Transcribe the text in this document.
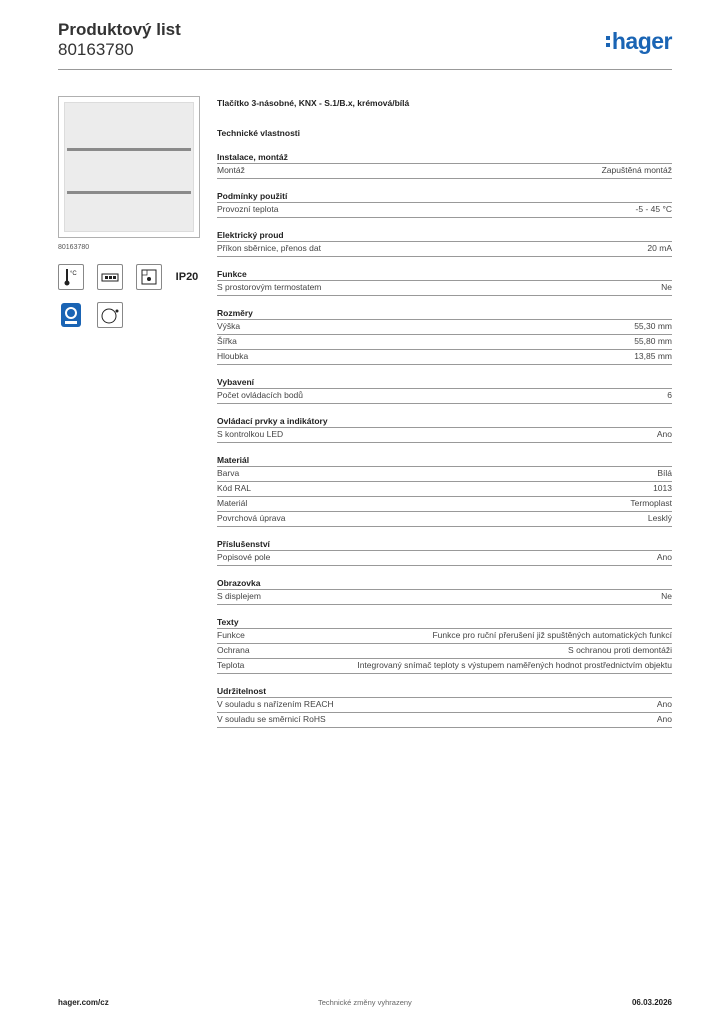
Produktový list
80163780	hager
80163780
°C	IP20
Tlačítko 3-násobné, KNX - S.1/B.x, krémová/bílá
Technické vlastnosti
Instalace, montáž
Montáž	Zapuštěná montáž
Podmínky použití
Provozní teplota	-5 - 45 °C
Elektrický proud
Příkon sběrnice, přenos dat	20 mA
Funkce
S prostorovým termostatem	Ne
Rozměry
Výška	55,30 mm
Šířka	55,80 mm
Hloubka	13,85 mm
Vybavení
Počet ovládacích bodů	6
Ovládací prvky a indikátory
S kontrolkou LED	Ano
Materiál
Barva	Bílá
Kód RAL	1013
Materiál	Termoplast
Povrchová úprava	Lesklý
Příslušenství
Popisové pole	Ano
Obrazovka
S displejem	Ne
Texty
Funkce	Funkce pro ruční přerušení již spuštěných automatických funkcí
Ochrana	S ochranou proti demontáži
Teplota	Integrovaný snímač teploty s výstupem naměřených hodnot prostřednictvím objektu
Udržitelnost
V souladu s nařízením REACH	Ano
V souladu se směrnicí RoHS	Ano
hager.com/cz	Technické změny vyhrazeny	06.03.2026
